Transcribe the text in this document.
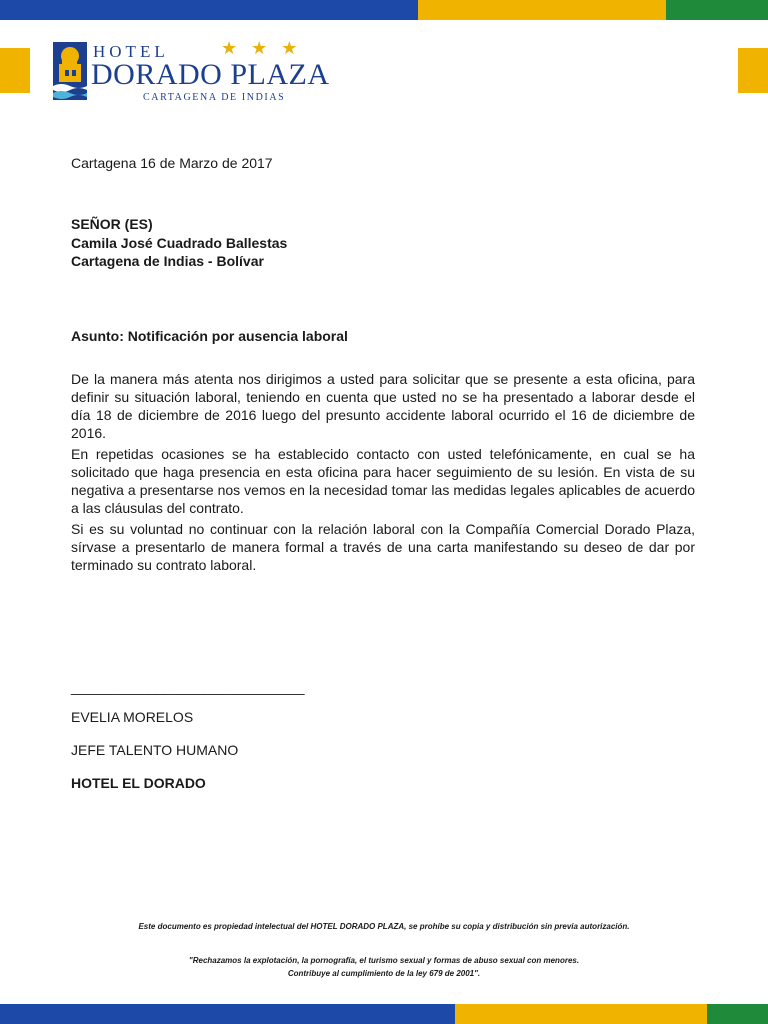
HOTEL	★★★
DORADO PLAZA
CARTAGENA DE INDIAS
Cartagena 16 de Marzo de 2017
SEÑOR (ES)
Camila José Cuadrado Ballestas
Cartagena de Indias - Bolívar
Asunto: Notificación por ausencia laboral
De la manera más atenta nos dirigimos a usted para solicitar que se presente a esta oficina, para definir su situación laboral, teniendo en cuenta que usted no se ha presentado a laborar desde el día 18 de diciembre de 2016 luego del presunto accidente laboral ocurrido el 16 de diciembre de 2016.
En repetidas ocasiones se ha establecido contacto con usted telefónicamente, en cual se ha solicitado que haga presencia en esta oficina para hacer seguimiento de su lesión. En vista de su negativa a presentarse nos vemos en la necesidad tomar las medidas legales aplicables de acuerdo a las cláusulas del contrato.
Si es su voluntad no continuar con la relación laboral con la Compañía Comercial Dorado Plaza, sírvase a presentarlo de manera formal a través de una carta manifestando su deseo de dar por terminado su contrato laboral.
______________________________
EVELIA MORELOS
JEFE TALENTO HUMANO
HOTEL EL DORADO
Este documento es propiedad intelectual del HOTEL DORADO PLAZA, se prohíbe su copia y distribución sin previa autorización.
"Rechazamos la explotación, la pornografía, el turismo sexual y formas de abuso sexual con menores.
Contribuye al cumplimiento de la ley 679 de 2001".
